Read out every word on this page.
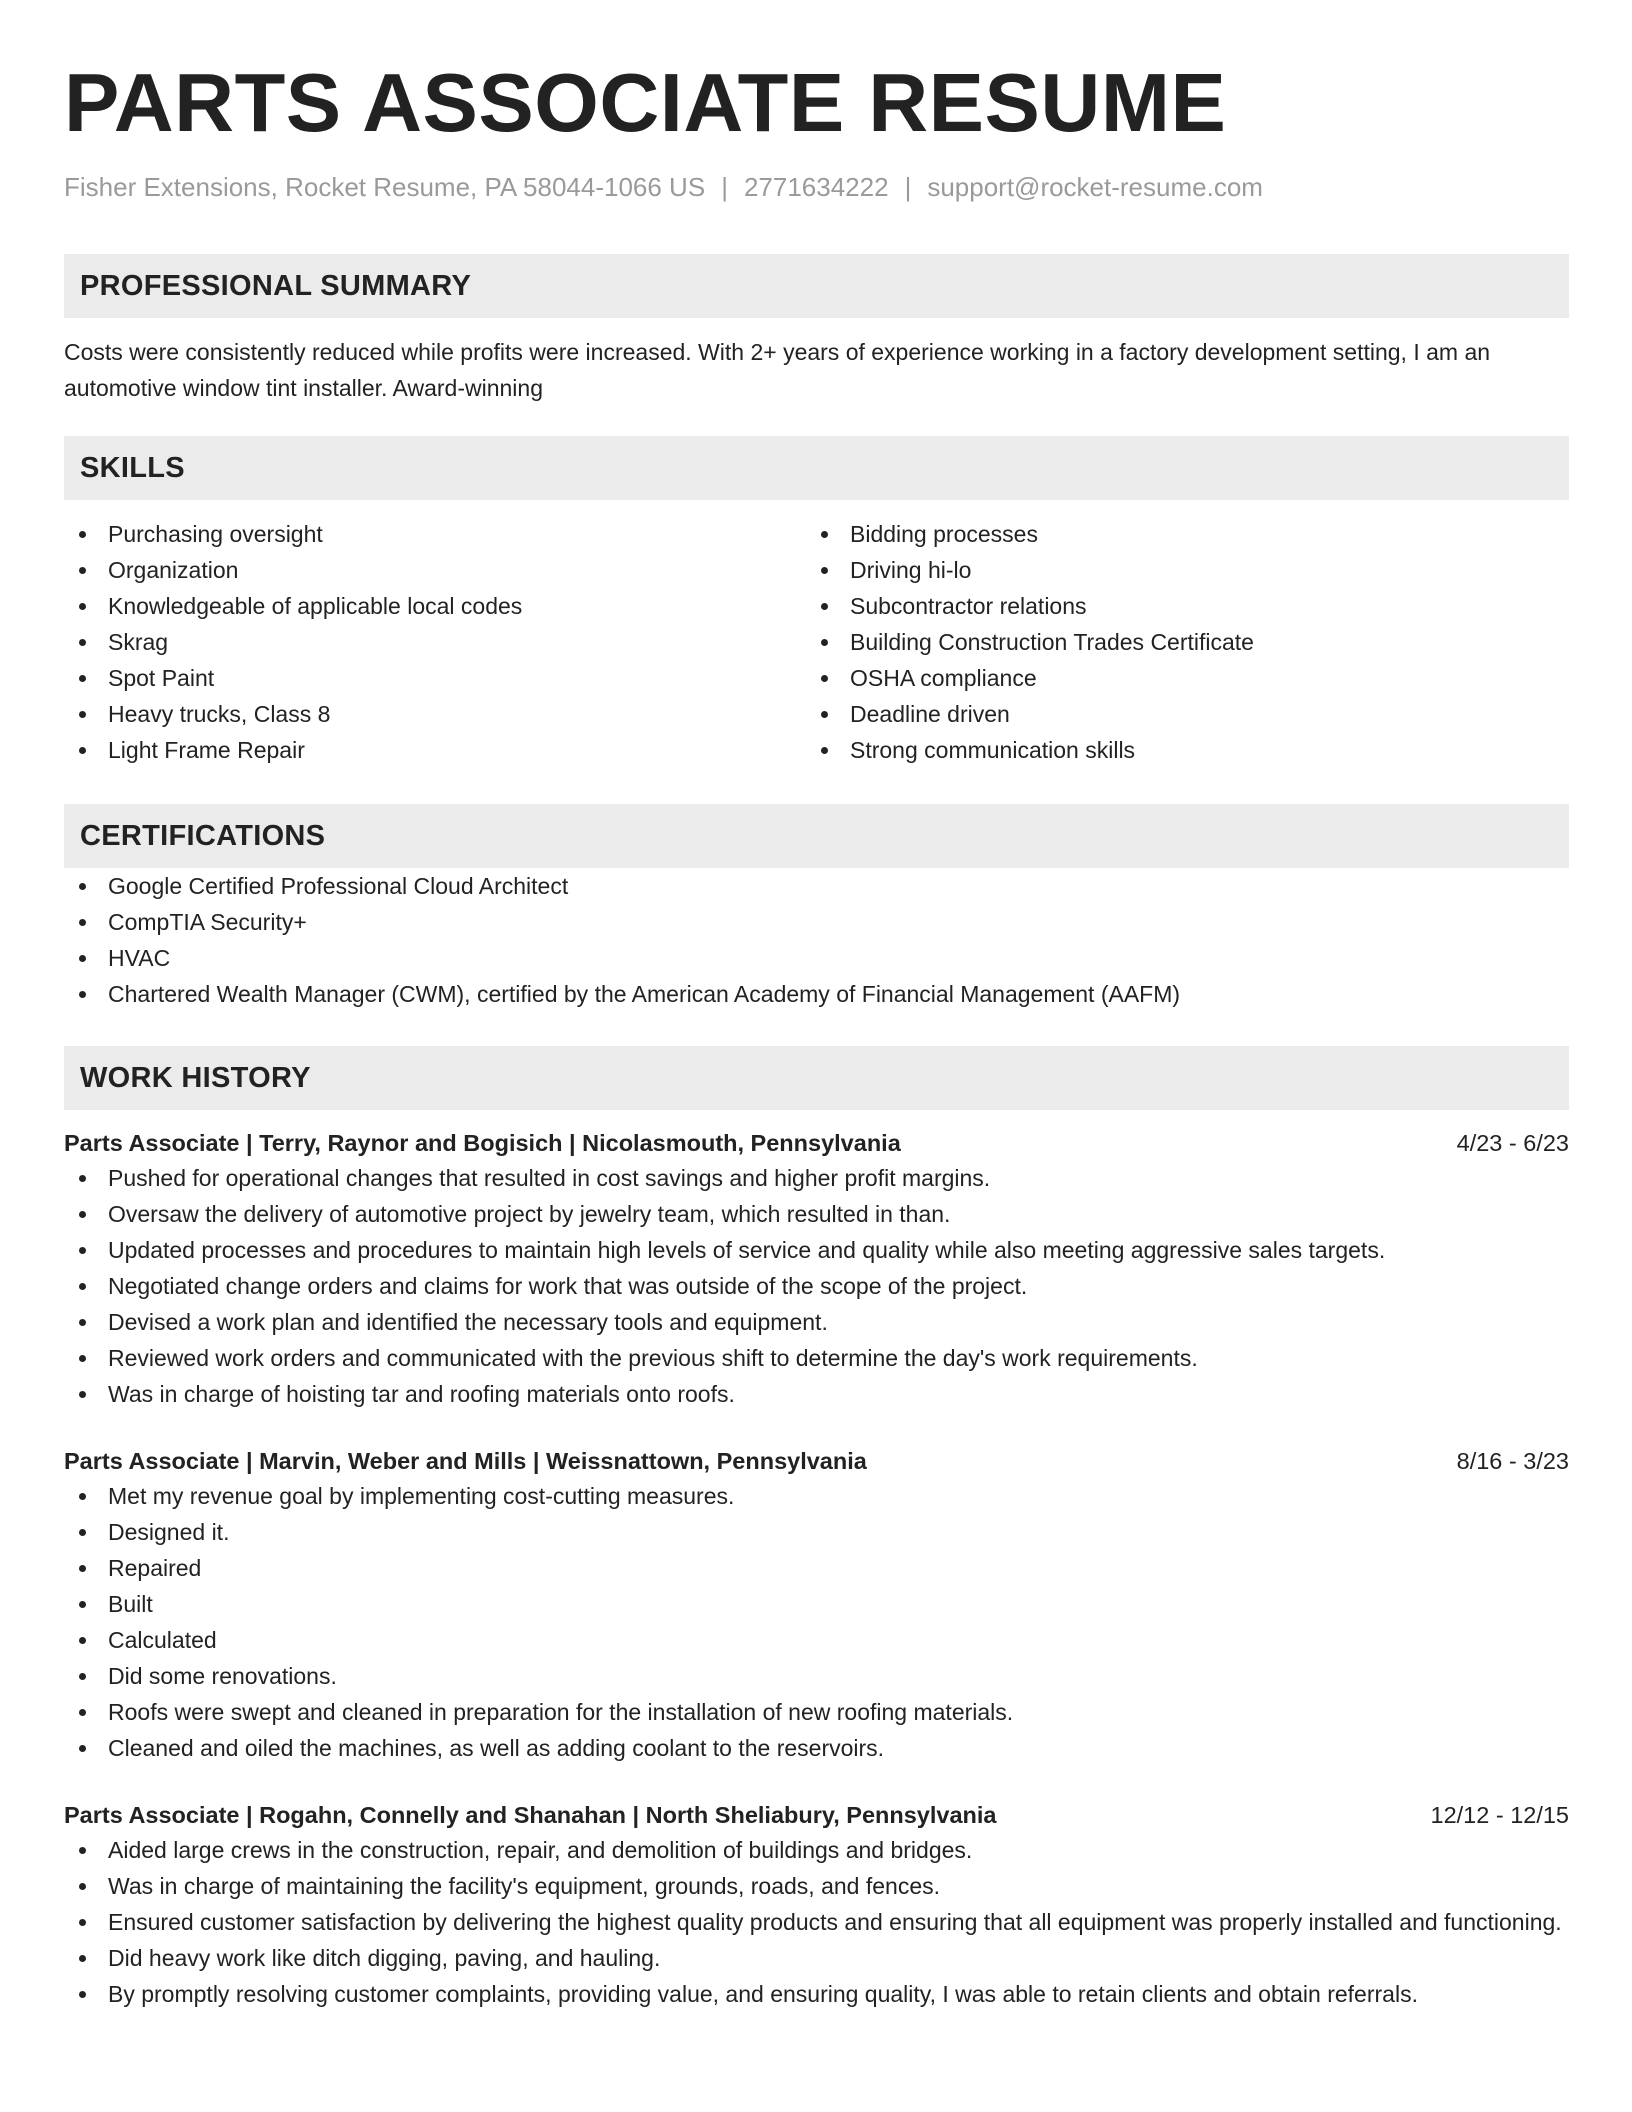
PARTS ASSOCIATE RESUME
Fisher Extensions, Rocket Resume, PA 58044-1066 US | 2771634222 | support@rocket-resume.com
PROFESSIONAL SUMMARY

Costs were consistently reduced while profits were increased. With 2+ years of experience working in a factory development setting, I am an automotive window tint installer. Award-winning

SKILLS
Purchasing oversight
Organization
Knowledgeable of applicable local codes
Skrag
Spot Paint
Heavy trucks, Class 8
Light Frame Repair
Bidding processes
Driving hi-lo
Subcontractor relations
Building Construction Trades Certificate
OSHA compliance
Deadline driven
Strong communication skills
CERTIFICATIONS
Google Certified Professional Cloud Architect
CompTIA Security+
HVAC
Chartered Wealth Manager (CWM), certified by the American Academy of Financial Management (AAFM)
WORK HISTORY
Parts Associate | Terry, Raynor and Bogisich | Nicolasmouth, Pennsylvania	4/23 - 6/23
Pushed for operational changes that resulted in cost savings and higher profit margins.
Oversaw the delivery of automotive project by jewelry team, which resulted in than.
Updated processes and procedures to maintain high levels of service and quality while also meeting aggressive sales targets.
Negotiated change orders and claims for work that was outside of the scope of the project.
Devised a work plan and identified the necessary tools and equipment.
Reviewed work orders and communicated with the previous shift to determine the day's work requirements.
Was in charge of hoisting tar and roofing materials onto roofs.
Parts Associate | Marvin, Weber and Mills | Weissnattown, Pennsylvania	8/16 - 3/23
Met my revenue goal by implementing cost-cutting measures.
Designed it.
Repaired
Built
Calculated
Did some renovations.
Roofs were swept and cleaned in preparation for the installation of new roofing materials.
Cleaned and oiled the machines, as well as adding coolant to the reservoirs.
Parts Associate | Rogahn, Connelly and Shanahan | North Sheliabury, Pennsylvania	12/12 - 12/15
Aided large crews in the construction, repair, and demolition of buildings and bridges.
Was in charge of maintaining the facility's equipment, grounds, roads, and fences.
Ensured customer satisfaction by delivering the highest quality products and ensuring that all equipment was properly installed and functioning.
Did heavy work like ditch digging, paving, and hauling.
By promptly resolving customer complaints, providing value, and ensuring quality, I was able to retain clients and obtain referrals.
